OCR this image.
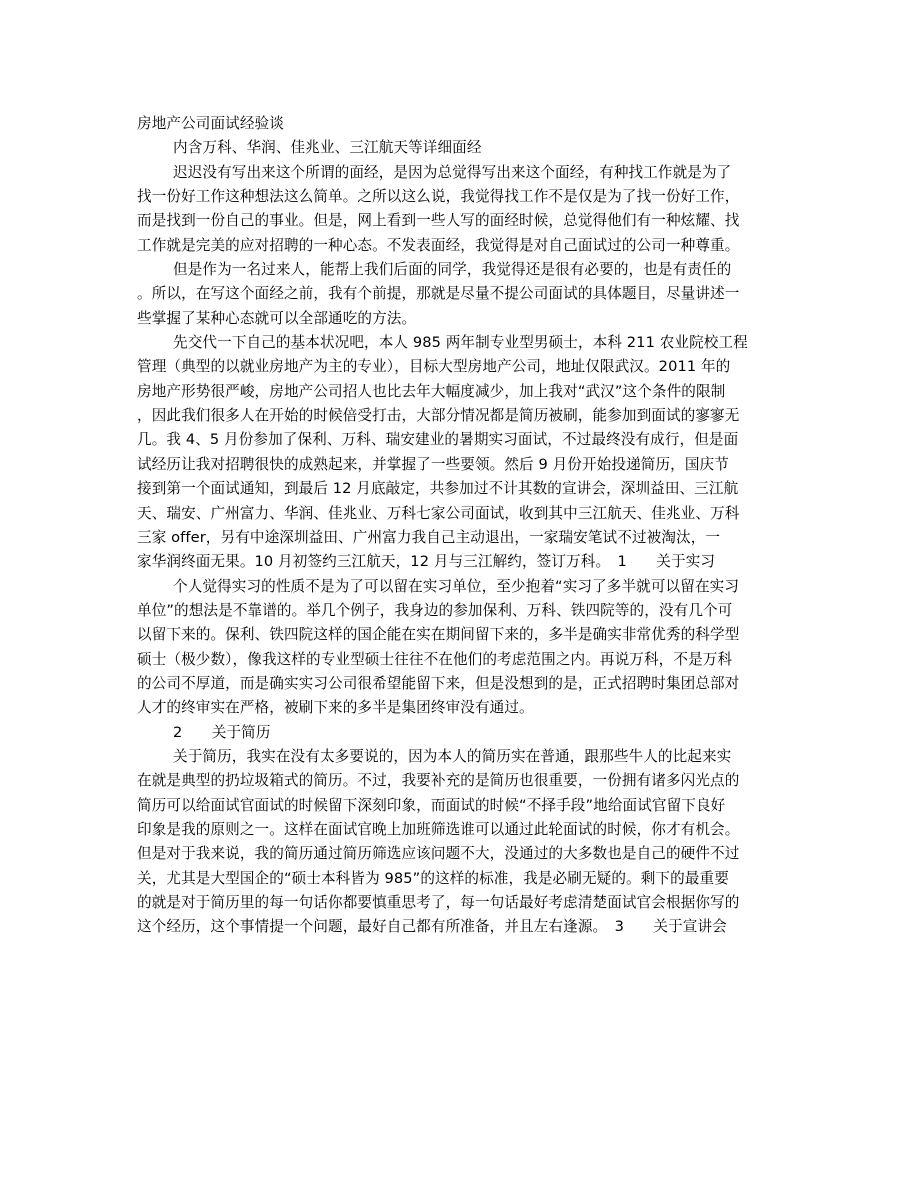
房地产公司面试经验谈
内含万科、华润、佳兆业、三江航天等详细面经
迟迟没有写出来这个所谓的面经，是因为总觉得写出来这个面经，有种找工作就是为了
找一份好工作这种想法这么简单。之所以这么说，我觉得找工作不是仅是为了找一份好工作，
而是找到一份自己的事业。但是，网上看到一些人写的面经时候，总觉得他们有一种炫耀、找
工作就是完美的应对招聘的一种心态。不发表面经，我觉得是对自己面试过的公司一种尊重。
但是作为一名过来人，能帮上我们后面的同学，我觉得还是很有必要的，也是有责任的
。所以，在写这个面经之前，我有个前提，那就是尽量不提公司面试的具体题目，尽量讲述一
些掌握了某种心态就可以全部通吃的方法。
先交代一下自己的基本状况吧，本人 985 两年制专业型男硕士，本科 211 农业院校工程
管理（典型的以就业房地产为主的专业），目标大型房地产公司，地址仅限武汉。2011 年的
房地产形势很严峻，房地产公司招人也比去年大幅度减少，加上我对“武汉”这个条件的限制
，因此我们很多人在开始的时候倍受打击，大部分情况都是简历被刷，能参加到面试的寥寥无
几。我 4、5 月份参加了保利、万科、瑞安建业的暑期实习面试，不过最终没有成行，但是面
试经历让我对招聘很快的成熟起来，并掌握了一些要领。然后 9 月份开始投递简历，国庆节
接到第一个面试通知，到最后 12 月底敲定，共参加过不计其数的宣讲会，深圳益田、三江航
天、瑞安、广州富力、华润、佳兆业、万科七家公司面试，收到其中三江航天、佳兆业、万科
三家 offer，另有中途深圳益田、广州富力我自己主动退出，一家瑞安笔试不过被淘汰，一
家华润终面无果。10 月初签约三江航天，12 月与三江解约，签订万科。　1　　关于实习
个人觉得实习的性质不是为了可以留在实习单位，至少抱着“实习了多半就可以留在实习
单位”的想法是不靠谱的。举几个例子，我身边的参加保利、万科、铁四院等的，没有几个可
以留下来的。保利、铁四院这样的国企能在实在期间留下来的，多半是确实非常优秀的科学型
硕士（极少数），像我这样的专业型硕士往往不在他们的考虑范围之内。再说万科，不是万科
的公司不厚道，而是确实实习公司很希望能留下来，但是没想到的是，正式招聘时集团总部对
人才的终审实在严格，被刷下来的多半是集团终审没有通过。
2　　关于简历
关于简历，我实在没有太多要说的，因为本人的简历实在普通，跟那些牛人的比起来实
在就是典型的扔垃圾箱式的简历。不过，我要补充的是简历也很重要，一份拥有诸多闪光点的
简历可以给面试官面试的时候留下深刻印象，而面试的时候“不择手段”地给面试官留下良好
印象是我的原则之一。这样在面试官晚上加班筛选谁可以通过此轮面试的时候，你才有机会。
但是对于我来说，我的简历通过简历筛选应该问题不大，没通过的大多数也是自己的硬件不过
关，尤其是大型国企的“硕士本科皆为 985”的这样的标准，我是必刷无疑的。剩下的最重要
的就是对于简历里的每一句话你都要慎重思考了，每一句话最好考虑清楚面试官会根据你写的
这个经历，这个事情提一个问题，最好自己都有所准备，并且左右逢源。　3　　关于宣讲会
